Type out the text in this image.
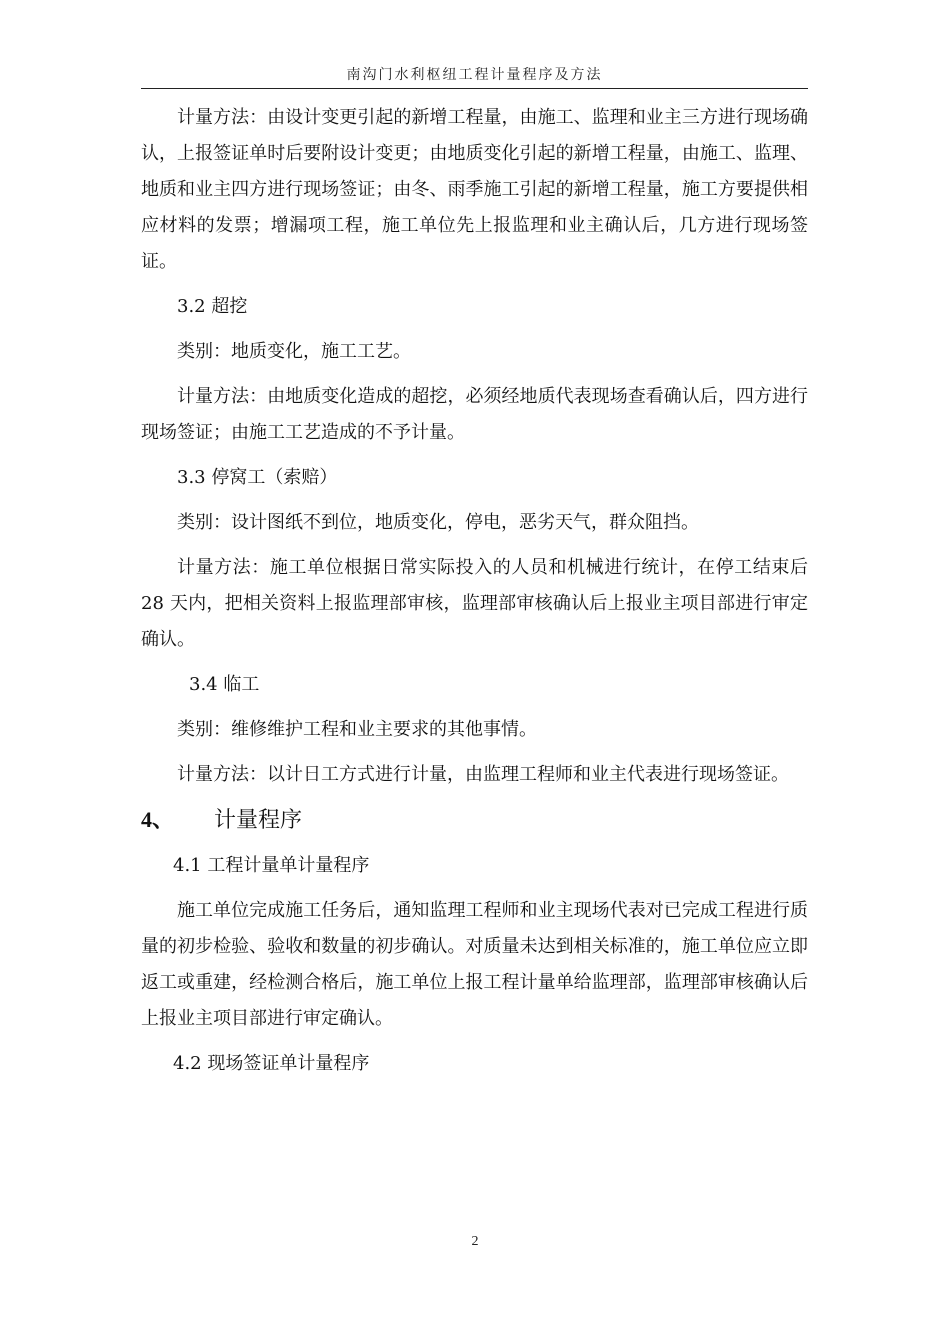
南沟门水利枢纽工程计量程序及方法

计量方法：由设计变更引起的新增工程量，由施工、监理和业主三方进行现场确认，上报签证单时后要附设计变更；由地质变化引起的新增工程量，由施工、监理、地质和业主四方进行现场签证；由冬、雨季施工引起的新增工程量，施工方要提供相应材料的发票；增漏项工程，施工单位先上报监理和业主确认后，几方进行现场签证。

3.2 超挖

类别：地质变化，施工工艺。

计量方法：由地质变化造成的超挖，必须经地质代表现场查看确认后，四方进行现场签证；由施工工艺造成的不予计量。

3.3 停窝工（索赔）

类别：设计图纸不到位，地质变化，停电，恶劣天气，群众阻挡。

计量方法：施工单位根据日常实际投入的人员和机械进行统计，在停工结束后 28 天内，把相关资料上报监理部审核，监理部审核确认后上报业主项目部进行审定确认。

3.4 临工

类别：维修维护工程和业主要求的其他事情。

计量方法：以计日工方式进行计量，由监理工程师和业主代表进行现场签证。

4、 计量程序

4.1 工程计量单计量程序

施工单位完成施工任务后，通知监理工程师和业主现场代表对已完成工程进行质量的初步检验、验收和数量的初步确认。对质量未达到相关标准的，施工单位应立即返工或重建，经检测合格后，施工单位上报工程计量单给监理部，监理部审核确认后上报业主项目部进行审定确认。

4.2 现场签证单计量程序

2
